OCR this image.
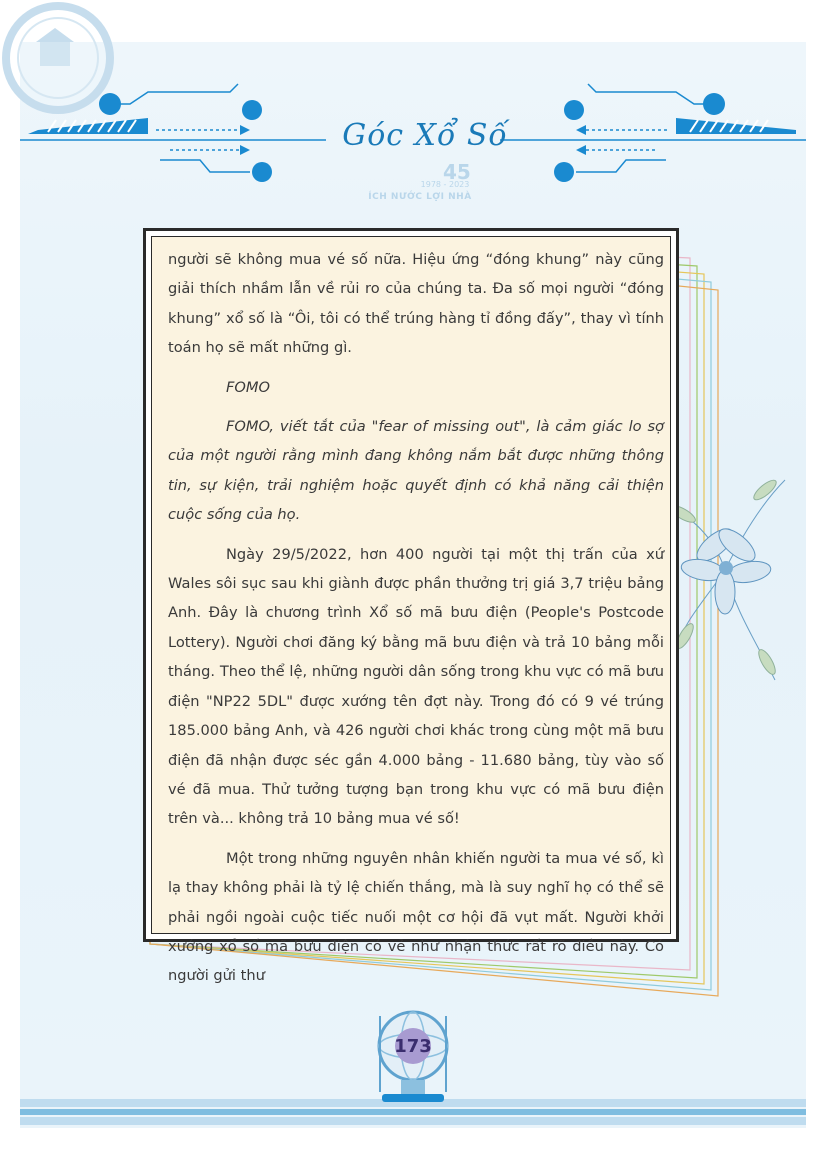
Góc Xổ Số
45
1978 - 2023
ÍCH NƯỚC LỢI NHÀ

người sẽ không mua vé số nữa. Hiệu ứng “đóng khung” này cũng giải thích nhầm lẫn về rủi ro của chúng ta. Đa số mọi người “đóng khung” xổ số là “Ôi, tôi có thể trúng hàng tỉ đồng đấy”, thay vì tính toán họ sẽ mất những gì.

FOMO

FOMO, viết tắt của "fear of missing out", là cảm giác lo sợ của một người rằng mình đang không nắm bắt được những thông tin, sự kiện, trải nghiệm hoặc quyết định có khả năng cải thiện cuộc sống của họ.

Ngày 29/5/2022, hơn 400 người tại một thị trấn của xứ Wales sôi sục sau khi giành được phần thưởng trị giá 3,7 triệu bảng Anh. Đây là chương trình Xổ số mã bưu điện (People's Postcode Lottery). Người chơi đăng ký bằng mã bưu điện và trả 10 bảng mỗi tháng. Theo thể lệ, những người dân sống trong khu vực có mã bưu điện "NP22 5DL" được xướng tên đợt này. Trong đó có 9 vé trúng 185.000 bảng Anh, và 426 người chơi khác trong cùng một mã bưu điện đã nhận được séc gần 4.000 bảng - 11.680 bảng, tùy vào số vé đã mua. Thử tưởng tượng bạn trong khu vực có mã bưu điện trên và... không trả 10 bảng mua vé số!

Một trong những nguyên nhân khiến người ta mua vé số, kì lạ thay không phải là tỷ lệ chiến thắng, mà là suy nghĩ họ có thể sẽ phải ngồi ngoài cuộc tiếc nuối một cơ hội đã vụt mất. Người khởi xướng xổ số mã bưu điện có vẻ như nhận thức rất rõ điều này. Có người gửi thư

173
